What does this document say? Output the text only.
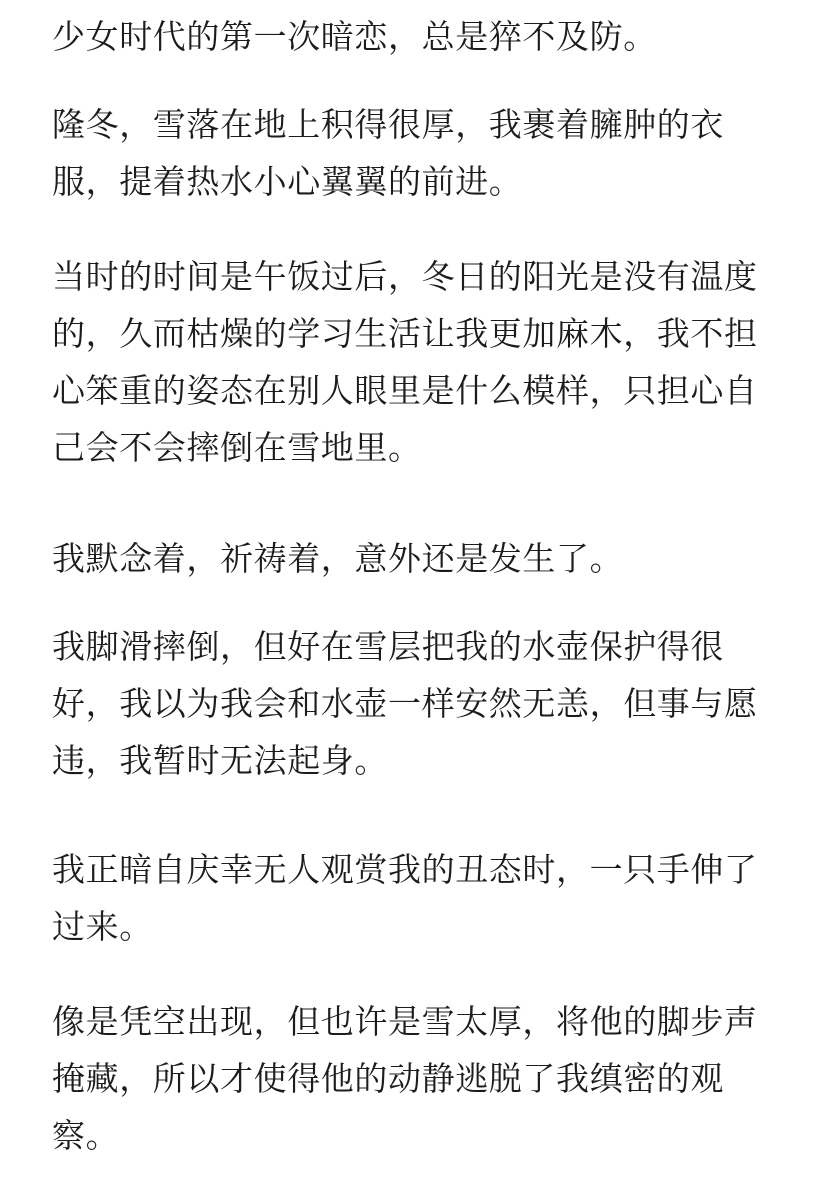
少女时代的第一次暗恋，总是猝不及防。

隆冬，雪落在地上积得很厚，我裹着臃肿的衣服，提着热水小心翼翼的前进。

当时的时间是午饭过后，冬日的阳光是没有温度的，久而枯燥的学习生活让我更加麻木，我不担心笨重的姿态在别人眼里是什么模样，只担心自己会不会摔倒在雪地里。

我默念着，祈祷着，意外还是发生了。

我脚滑摔倒，但好在雪层把我的水壶保护得很好，我以为我会和水壶一样安然无恙，但事与愿违，我暂时无法起身。

我正暗自庆幸无人观赏我的丑态时，一只手伸了过来。

像是凭空出现，但也许是雪太厚，将他的脚步声掩藏，所以才使得他的动静逃脱了我缜密的观察。
